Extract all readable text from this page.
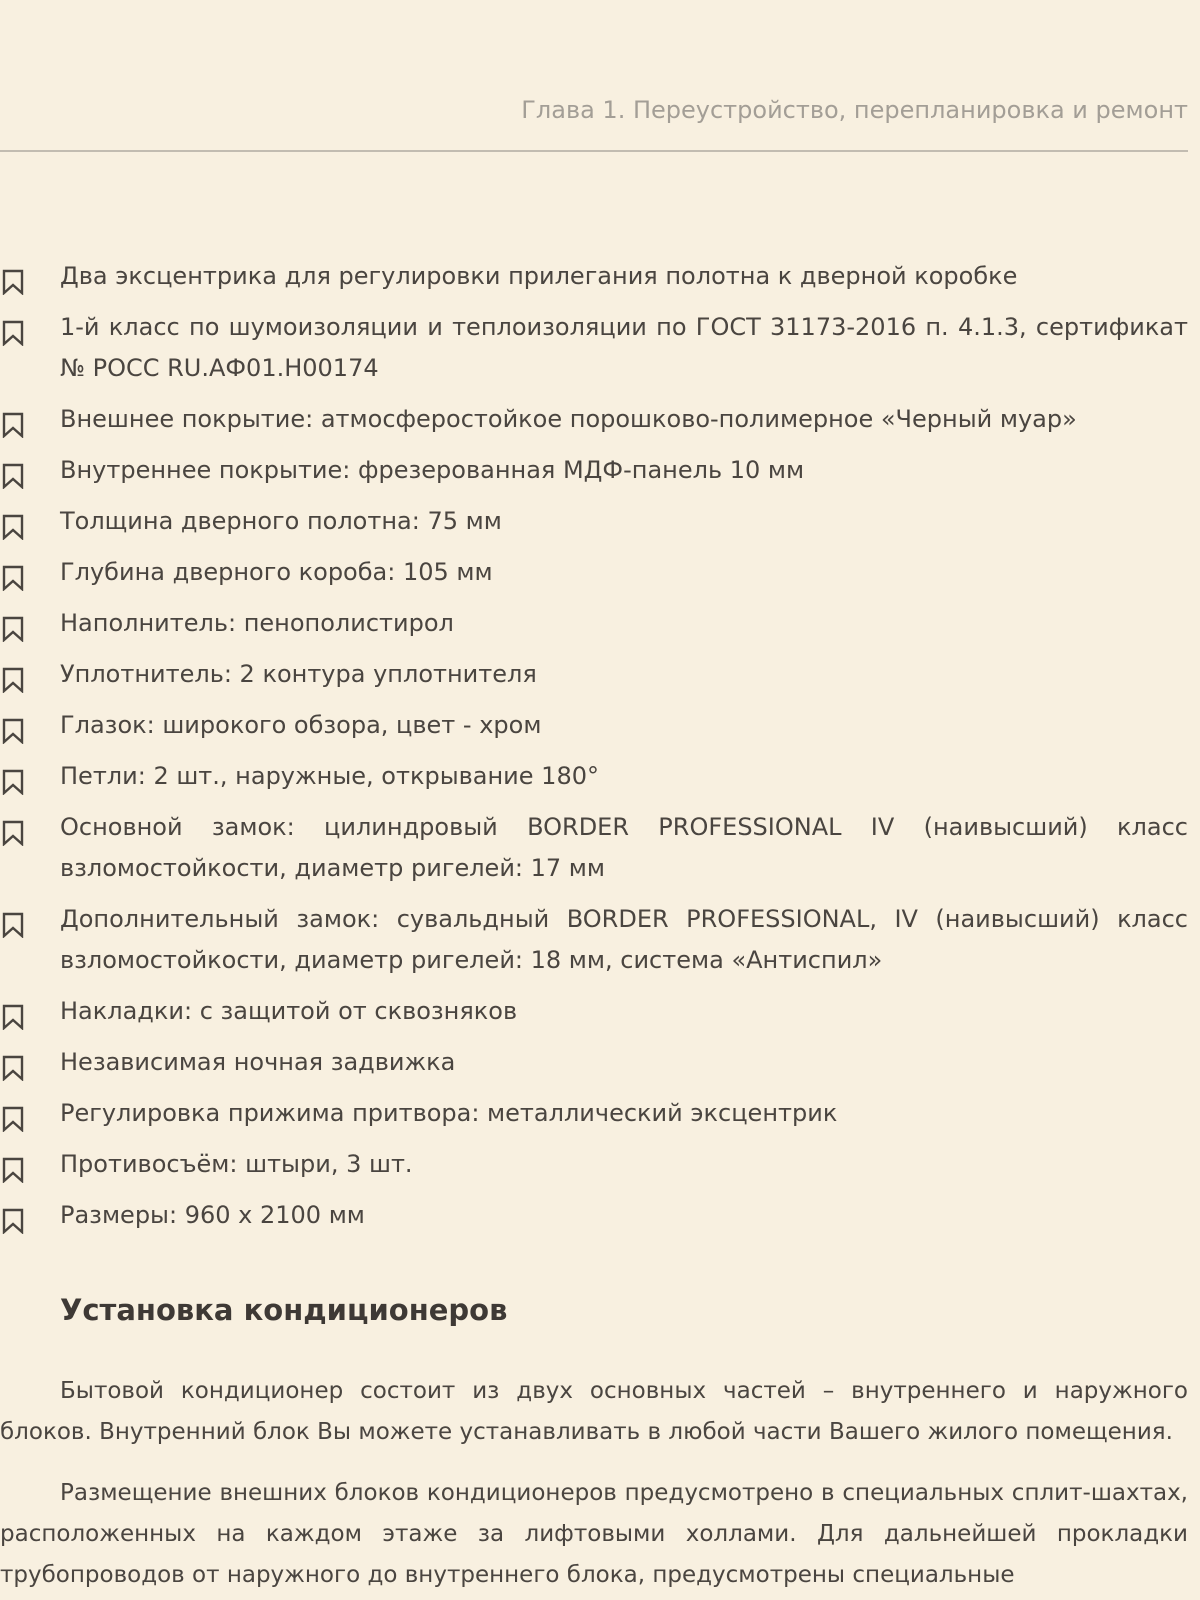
Глава 1. Переустройство, перепланировка и ремонт
Два эксцентрика для регулировки прилегания полотна к дверной коробке
1-й класс по шумоизоляции и теплоизоляции по ГОСТ 31173-2016 п. 4.1.3, сертификат № РОСС RU.АФ01.Н00174
Внешнее покрытие: атмосферостойкое порошково-полимерное «Черный муар»
Внутреннее покрытие: фрезерованная МДФ-панель 10 мм
Толщина дверного полотна: 75 мм
Глубина дверного короба: 105 мм
Наполнитель: пенополистирол
Уплотнитель: 2 контура уплотнителя
Глазок: широкого обзора, цвет - хром
Петли: 2 шт., наружные, открывание 180°
Основной замок: цилиндровый BORDER PROFESSIONAL IV (наивысший) класс взломостойкости, диаметр ригелей: 17 мм
Дополнительный замок: сувальдный BORDER PROFESSIONAL, IV (наивысший) класс взломостойкости, диаметр ригелей: 18 мм, система «Антиспил»
Накладки: с защитой от сквозняков
Независимая ночная задвижка
Регулировка прижима притвора: металлический эксцентрик
Противосъём: штыри, 3 шт.
Размеры: 960 x 2100 мм
Установка кондиционеров

Бытовой кондиционер состоит из двух основных частей – внутреннего и наружного блоков. Внутренний блок Вы можете устанавливать в любой части Вашего жилого помещения.

Размещение внешних блоков кондиционеров предусмотрено в специальных сплит-шахтах, расположенных на каждом этаже за лифтовыми холлами. Для дальнейшей прокладки трубопроводов от наружного до внутреннего блока, предусмотрены специальные
